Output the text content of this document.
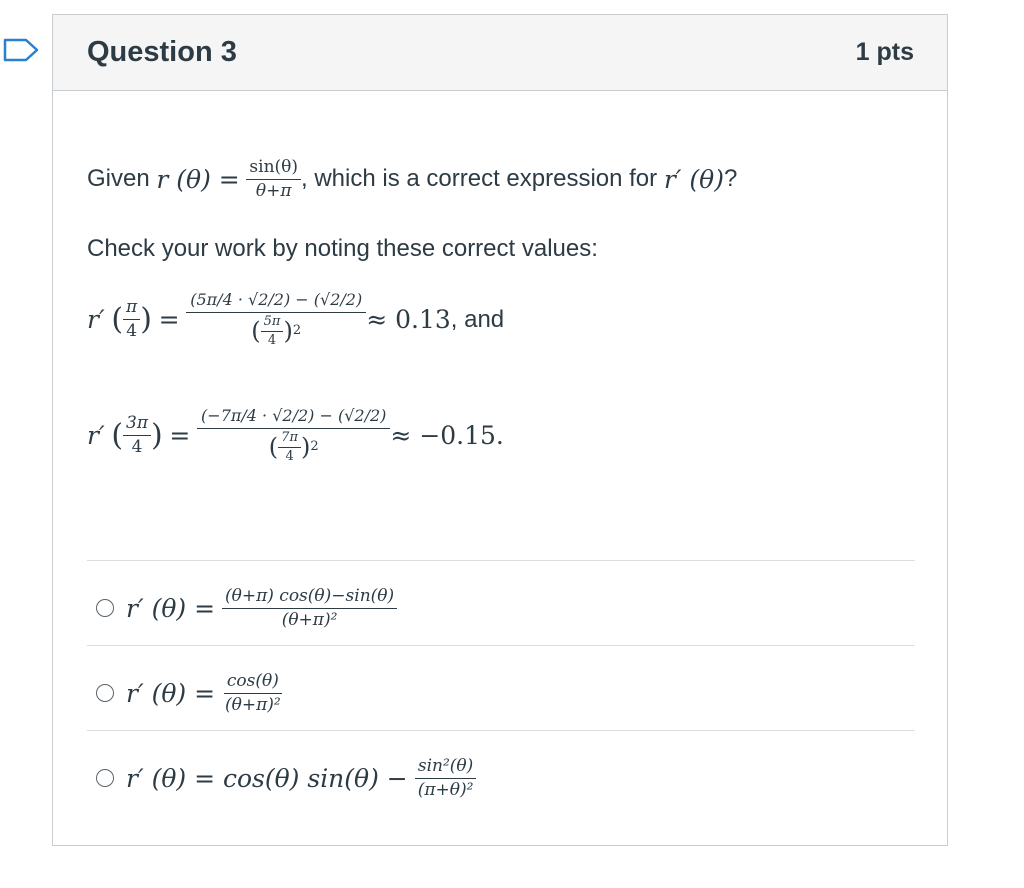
Question 3	1 pts
Given
r (θ) =
$\frac{\sin(\theta)}{\theta+\pi}$ , which is a correct expression for
r′ (θ) ?
Check your work by noting these correct values:
r′
( $\frac{\pi}{4}$ )
=
$\frac{(5\pi/4 \cdot √2/2) - (√2/2)}{( \frac{5\pi}{4} ) 2} \approx 0.13$ , and
r′
( $\frac{3\pi}{4}$ )
=
$\frac{(-7\pi/4 \cdot √2/2) - (√2/2)}{( \frac{7\pi}{4} ) 2} \approx -0.15$.
r′ (θ) =
$\frac{(\theta+\pi) \cos(\theta)-\sin(\theta)}{\text{(θ+π)²}}$
r′ (θ) =
$\frac{\cos(\theta)}{\text{(θ+π)²}}$
r′ (θ) = cos(θ) sin(θ) −
$\frac{\text{sin²(θ)}}{\text{(π+θ)²}}$
